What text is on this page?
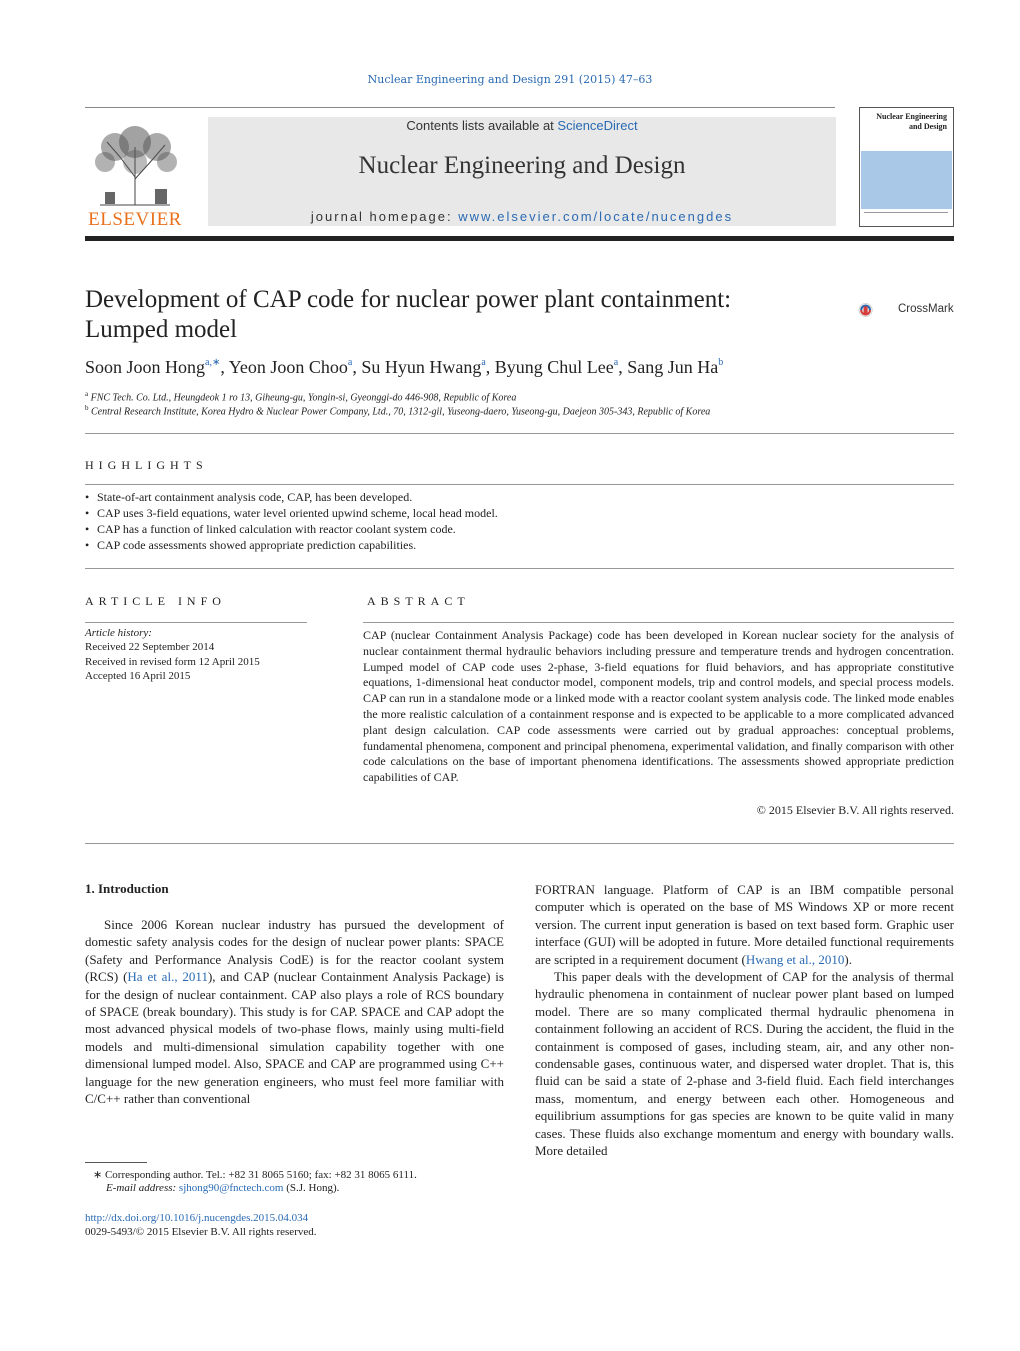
Nuclear Engineering and Design 291 (2015) 47–63
ELSEVIER
Contents lists available at ScienceDirect
Nuclear Engineering and Design
journal homepage: www.elsevier.com/locate/nucengdes
Nuclear Engineering and Design
Development of CAP code for nuclear power plant containment:
Lumped model
CrossMark
Soon Joon Hong$^{a,∗}$, Yeon Joon Choo$^a$, Su Hyun Hwang$^a$, Byung Chul Lee$^a$, Sang Jun Ha$^b$
$^a$ FNC Tech. Co. Ltd., Heungdeok 1 ro 13, Giheung-gu, Yongin-si, Gyeonggi-do 446-908, Republic of Korea
$^b$ Central Research Institute, Korea Hydro & Nuclear Power Company, Ltd., 70, 1312-gil, Yuseong-daero, Yuseong-gu, Daejeon 305-343, Republic of Korea
HIGHLIGHTS
• State-of-art containment analysis code, CAP, has been developed.
• CAP uses 3-field equations, water level oriented upwind scheme, local head model.
• CAP has a function of linked calculation with reactor coolant system code.
• CAP code assessments showed appropriate prediction capabilities.
ARTICLE INFO
Article history:
Received 22 September 2014
Received in revised form 12 April 2015
Accepted 16 April 2015
ABSTRACT
CAP (nuclear Containment Analysis Package) code has been developed in Korean nuclear society for the analysis of nuclear containment thermal hydraulic behaviors including pressure and temperature trends and hydrogen concentration. Lumped model of CAP code uses 2-phase, 3-field equations for fluid behaviors, and has appropriate constitutive equations, 1-dimensional heat conductor model, component models, trip and control models, and special process models. CAP can run in a standalone mode or a linked mode with a reactor coolant system analysis code. The linked mode enables the more realistic calculation of a containment response and is expected to be applicable to a more complicated advanced plant design calculation. CAP code assessments were carried out by gradual approaches: conceptual problems, fundamental phenomena, component and principal phenomena, experimental validation, and finally comparison with other code calculations on the base of important phenomena identifications. The assessments showed appropriate prediction capabilities of CAP.
© 2015 Elsevier B.V. All rights reserved.
1. Introduction

Since 2006 Korean nuclear industry has pursued the development of domestic safety analysis codes for the design of nuclear power plants: SPACE (Safety and Performance Analysis CodE) is for the reactor coolant system (RCS) (Ha et al., 2011), and CAP (nuclear Containment Analysis Package) is for the design of nuclear containment. CAP also plays a role of RCS boundary of SPACE (break boundary). This study is for CAP. SPACE and CAP adopt the most advanced physical models of two-phase flows, mainly using multi-field models and multi-dimensional simulation capability together with one dimensional lumped model. Also, SPACE and CAP are programmed using C++ language for the new generation engineers, who must feel more familiar with C/C++ rather than conventional

FORTRAN language. Platform of CAP is an IBM compatible personal computer which is operated on the base of MS Windows XP or more recent version. The current input generation is based on text based form. Graphic user interface (GUI) will be adopted in future. More detailed functional requirements are scripted in a requirement document (Hwang et al., 2010).

This paper deals with the development of CAP for the analysis of thermal hydraulic phenomena in containment of nuclear power plant based on lumped model. There are so many complicated thermal hydraulic phenomena in containment following an accident of RCS. During the accident, the fluid in the containment is composed of gases, including steam, air, and any other non-condensable gases, continuous water, and dispersed water droplet. That is, this fluid can be said a state of 2-phase and 3-field fluid. Each field interchanges mass, momentum, and energy between each other. Homogeneous and equilibrium assumptions for gas species are known to be quite valid in many cases. These fluids also exchange momentum and energy with boundary walls. More detailed

∗ Corresponding author. Tel.: +82 31 8065 5160; fax: +82 31 8065 6111.
E-mail address: sjhong90@fnctech.com (S.J. Hong).
http://dx.doi.org/10.1016/j.nucengdes.2015.04.034
0029-5493/© 2015 Elsevier B.V. All rights reserved.
